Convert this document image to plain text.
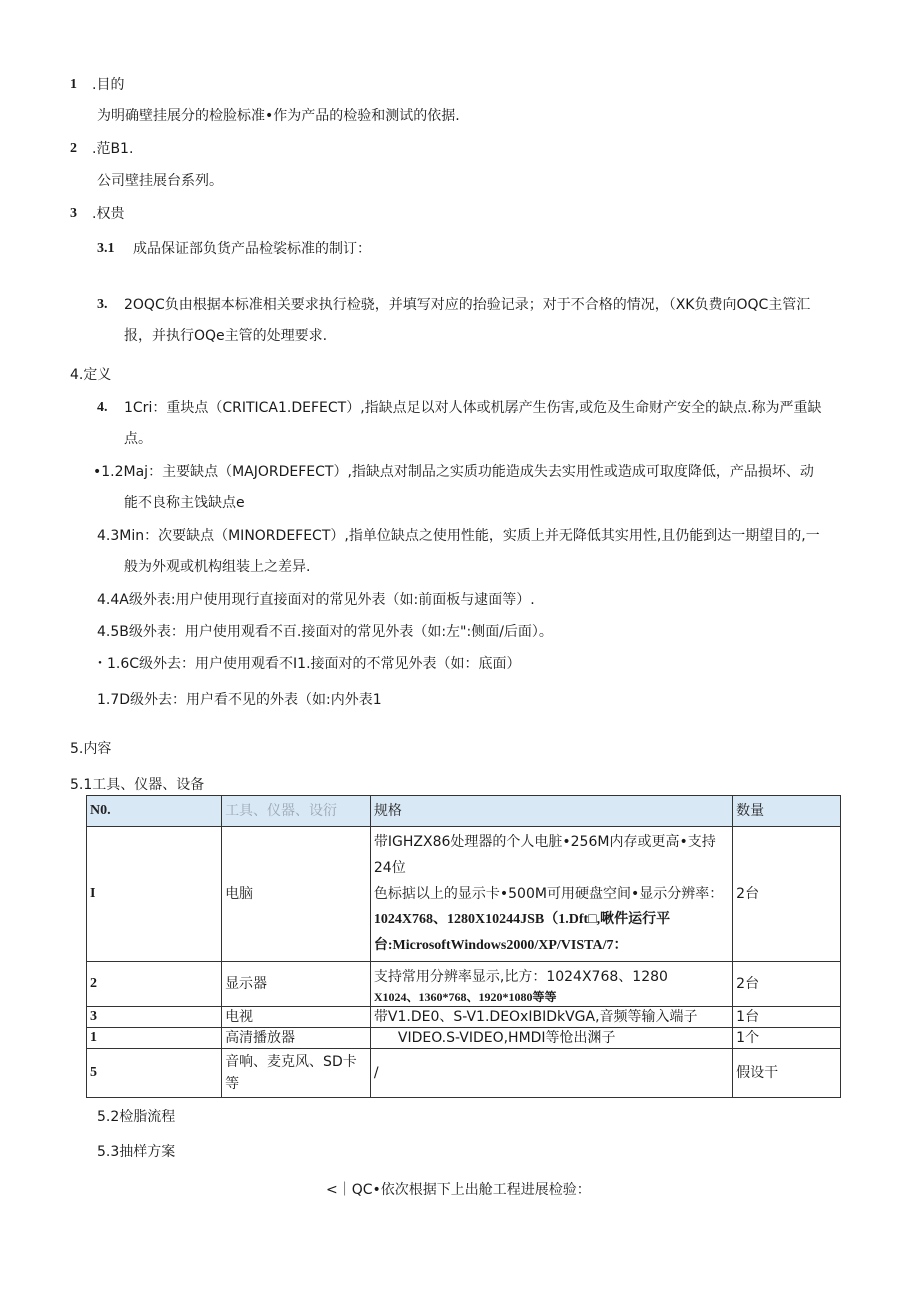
1 .目的
为明确壁挂展分的检脸标准•作为产品的检验和测试的依据.
2 .范B1.
公司壁挂展台系列。
3 .权贵
3.1 成品保证部负货产品检裟标准的制订：
3. 2OQC负由根据本标准相关要求执行检骁，并填写对应的抬验记录；对于不合格的情况，（XK负费向OQC主管汇
报，并执行OQe主管的处理要求.
4.定义
4. 1Cri：重块点（CRITICA1.DEFECT）,指缺点足以对人体或机孱产生伤害,或危及生命财产安全的缺点.称为严重缺
点。
•1.2Maj：主要缺点（MAJORDEFECT）,指缺点对制品之实质功能造成失去实用性或造成可取度降低，产品损坏、动
能不良称主饯缺点e
4.3Min：次要缺点（MINORDEFECT）,指单位缺点之使用性能，实质上并无降低其实用性,且仍能到达一期望目的,一
般为外观或机构组装上之差异.
4.4A级外表:用户使用现行直接面对的常见外表（如:前面板与逮面等）.
4.5B级外表：用户使用观看不百.接面对的常见外表（如:左":侧面/后面）。
・1.6C级外去：用户使用观看不I1.接面对的不常见外表（如：底面）
1.7D级外去：用户看不见的外表（如:内外表1
5.内容
5.1工具、仪器、设备
N0.	工具、仪器、设衍	规格	数量
I	电脑	带IGHZX86处理器的个人电脏•256M内存或更高•支持24位
色标掂以上的显示卡•500M可用硬盘空间•显示分辨率：
1024X768、1280X10244JSB（1.Dft□,啾件运行平
台:MicrosoftWindows2000/XP/VISTA/7：	2台
2	显示器	支持常用分辨率显示,比方：1024X768、1280
X1024、1360*768、1920*1080等等	2台
3	电视	带V1.DE0、S-V1.DEOxIBIDkVGA,音频等输入端子	1台
1	高清播放器	VIDEO.S-VIDEO,HMDI等怆出渊子	1个
5	音响、麦克风、SD卡等	/	假设干
5.2检脂流程
5.3抽样方案
<｜QC•依次根据下上出舱工程进展检验：
